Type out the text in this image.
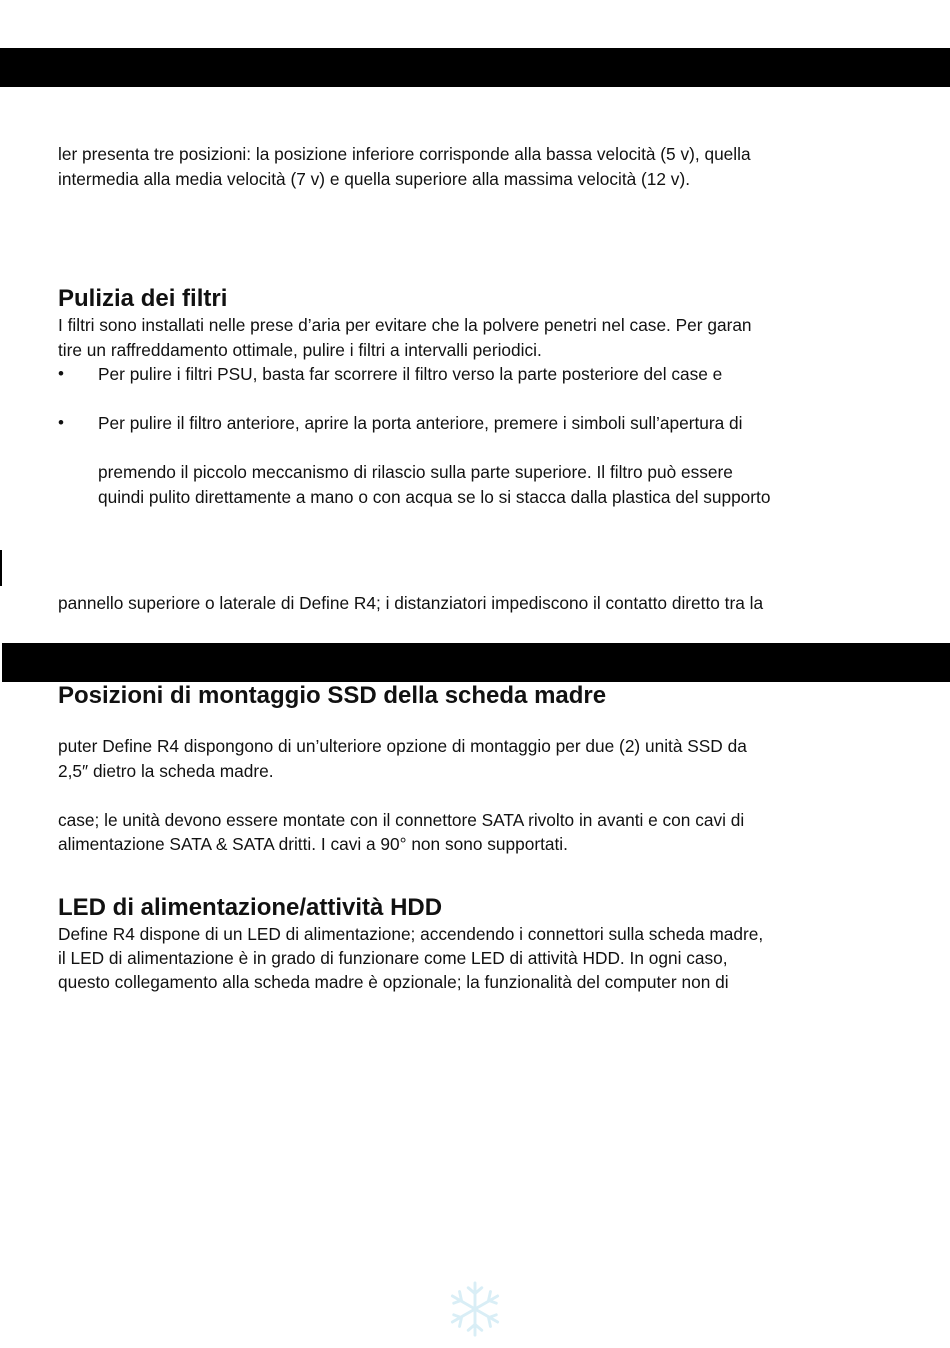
ler presenta tre posizioni: la posizione inferiore corrisponde alla bassa velocità (5 v), quella

intermedia alla media velocità (7 v) e quella superiore alla massima velocità (12 v).

Pulizia dei filtri

I filtri sono installati nelle prese d’aria per evitare che la polvere penetri nel case. Per garan

tire un raffreddamento ottimale, pulire i filtri a intervalli periodici.

• Per pulire i filtri PSU, basta far scorrere il filtro verso la parte posteriore del case e

• Per pulire il filtro anteriore, aprire la porta anteriore, premere i simboli sull’apertura di

premendo il piccolo meccanismo di rilascio sulla parte superiore. Il filtro può essere

quindi pulito direttamente a mano o con acqua se lo si stacca dalla plastica del supporto

pannello superiore o laterale di Define R4; i distanziatori impediscono il contatto diretto tra la

Posizioni di montaggio SSD della scheda madre

puter Define R4 dispongono di un’ulteriore opzione di montaggio per due (2) unità SSD da

2,5″ dietro la scheda madre.

case; le unità devono essere montate con il connettore SATA rivolto in avanti e con cavi di

alimentazione SATA & SATA dritti. I cavi a 90° non sono supportati.

LED di alimentazione/attività HDD

Define R4 dispone di un LED di alimentazione; accendendo i connettori sulla scheda madre,

il LED di alimentazione è in grado di funzionare come LED di attività HDD. In ogni caso,

questo collegamento alla scheda madre è opzionale; la funzionalità del computer non di
